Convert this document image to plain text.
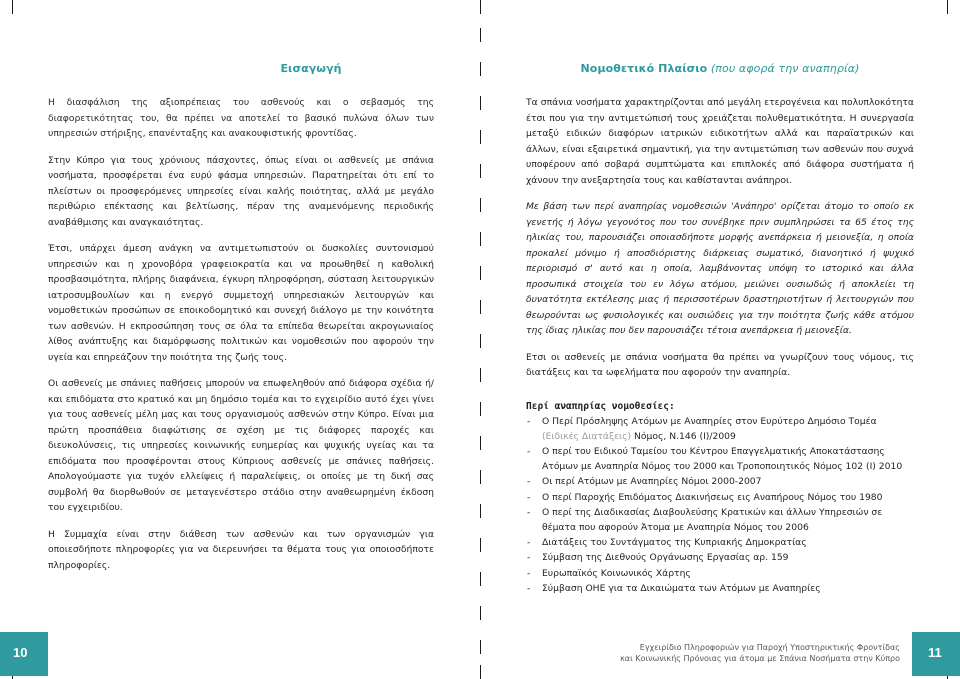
Εισαγωγή

Η διασφάλιση της αξιοπρέπειας του ασθενούς και ο σεβασμός της διαφορετικότητας του, θα πρέπει να αποτελεί το βασικό πυλώνα όλων των υπηρεσιών στήριξης, επανένταξης και ανακουφιστικής φροντίδας.

Στην Κύπρο για τους χρόνιους πάσχοντες, όπως είναι οι ασθενείς με σπάνια νοσήματα, προσφέρεται ένα ευρύ φάσμα υπηρεσιών. Παρατηρείται ότι επί το πλείστων οι προσφερόμενες υπηρεσίες είναι καλής ποιότητας, αλλά με μεγάλο περιθώριο επέκτασης και βελτίωσης, πέραν της αναμενόμενης περιοδικής αναβάθμισης και αναγκαιότητας.

Έτσι, υπάρχει άμεση ανάγκη να αντιμετωπιστούν οι δυσκολίες συντονισμού υπηρεσιών και η χρονοβόρα γραφειοκρατία και να προωθηθεί η καθολική προσβασιμότητα, πλήρης διαφάνεια, έγκυρη πληροφόρηση, σύσταση λειτουργικών ιατροσυμβουλίων και η ενεργό συμμετοχή υπηρεσιακών λειτουργών και νομοθετικών προσώπων σε εποικοδομητικό και συνεχή διάλογο με την κοινότητα των ασθενών. Η εκπροσώπηση τους σε όλα τα επίπεδα θεωρείται ακρογωνιαίος λίθος ανάπτυξης και διαμόρφωσης πολιτικών και νομοθεσιών που αφορούν την υγεία και επηρεάζουν την ποιότητα της ζωής τους.

Οι ασθενείς με σπάνιες παθήσεις μπορούν να επωφεληθούν από διάφορα σχέδια ή/ και επιδόματα στο κρατικό και μη δημόσιο τομέα και το εγχειρίδιο αυτό έχει γίνει για τους ασθενείς μέλη μας και τους οργανισμούς ασθενών στην Κύπρο. Είναι μια πρώτη προσπάθεια διαφώτισης σε σχέση με τις διάφορες παροχές και διευκολύνσεις, τις υπηρεσίες κοινωνικής ευημερίας και ψυχικής υγείας και τα επιδόματα που προσφέρονται στους Κύπριους ασθενείς με σπάνιες παθήσεις. Απολογούμαστε για τυχόν ελλείψεις ή παραλείψεις, οι οποίες με τη δική σας συμβολή θα διορθωθούν σε μεταγενέστερο στάδιο στην αναθεωρημένη έκδοση του εγχειριδίου.

Η Συμμαχία είναι στην διάθεση των ασθενών και των οργανισμών για οποιεσδήποτε πληροφορίες για να διερευνήσει τα θέματα τους για οποιοσδήποτε πληροφορίες.

Νομοθετικό Πλαίσιο (που αφορά την αναπηρία)

Τα σπάνια νοσήματα χαρακτηρίζονται από μεγάλη ετερογένεια και πολυπλοκότητα έτσι που για την αντιμετώπισή τους χρειάζεται πολυθεματικότητα. Η συνεργασία μεταξύ ειδικών διαφόρων ιατρικών ειδικοτήτων αλλά και παραϊατρικών και άλλων, είναι εξαιρετικά σημαντική, για την αντιμετώπιση των ασθενών που συχνά υποφέρουν από σοβαρά συμπτώματα και επιπλοκές από διάφορα συστήματα ή χάνουν την ανεξαρτησία τους και καθίστανται ανάπηροι.

Με βάση των περί αναπηρίας νομοθεσιών 'Ανάπηρο' ορίζεται άτομο το οποίο εκ γενετής ή λόγω γεγονότος που του συνέβηκε πριν συμπληρώσει τα 65 έτος της ηλικίας του, παρουσιάζει οποιασδήποτε μορφής ανεπάρκεια ή μειονεξία, η οποία προκαλεί μόνιμο ή αποσδιόριστης διάρκειας σωματικό, διανοητικό ή ψυχικό περιορισμό σ' αυτό και η οποία, λαμβάνοντας υπόψη το ιστορικό και άλλα προσωπικά στοιχεία του εν λόγω ατόμου, μειώνει ουσιωδώς ή αποκλείει τη δυνατότητα εκτέλεσης μιας ή περισσοτέρων δραστηριοτήτων ή λειτουργιών που θεωρούνται ως φυσιολογικές και ουσιώδεις για την ποιότητα ζωής κάθε ατόμου της ίδιας ηλικίας που δεν παρουσιάζει τέτοια ανεπάρκεια ή μειονεξία.

Ετσι οι ασθενείς με σπάνια νοσήματα θα πρέπει να γνωρίζουν τους νόμους, τις διατάξεις και τα ωφελήματα που αφορούν την αναπηρία.

Περί αναπηρίας νομοθεσίες:
- Ο Περί Πρόσληψης Ατόμων με Αναπηρίες στον Ευρύτερο Δημόσιο Τομέα (Ειδικές Διατάξεις) Νόμος, Ν.146 (I)/2009
- Ο περί του Ειδικού Ταμείου του Κέντρου Επαγγελματικής Αποκατάστασης Ατόμων με Αναπηρία Νόμος του 2000 και Τροποποιητικός Νόμος 102 (I) 2010
- Οι περί Ατόμων με Αναπηρίες Νόμοι 2000-2007
- Ο περί Παροχής Επιδόματος Διακινήσεως εις Αναπήρους Νόμος του 1980
- Ο περί της Διαδικασίας Διαβουλεύσης Κρατικών και άλλων Υπηρεσιών σε θέματα που αφορούν Άτομα με Αναπηρία Νόμος του 2006
- Διατάξεις του Συντάγματος της Κυπριακής Δημοκρατίας
- Σύμβαση της Διεθνούς Οργάνωσης Εργασίας αρ. 159
- Ευρωπαϊκός Κοινωνικός Χάρτης
- Σύμβαση ΟΗΕ για τα Δικαιώματα των Ατόμων με Αναπηρίες
10	11
Εγχειρίδιο Πληροφοριών για Παροχή Υποστηρικτικής Φροντίδας
και Κοινωνικής Πρόνοιας για άτομα με Σπάνια Νοσήματα στην Κύπρο
